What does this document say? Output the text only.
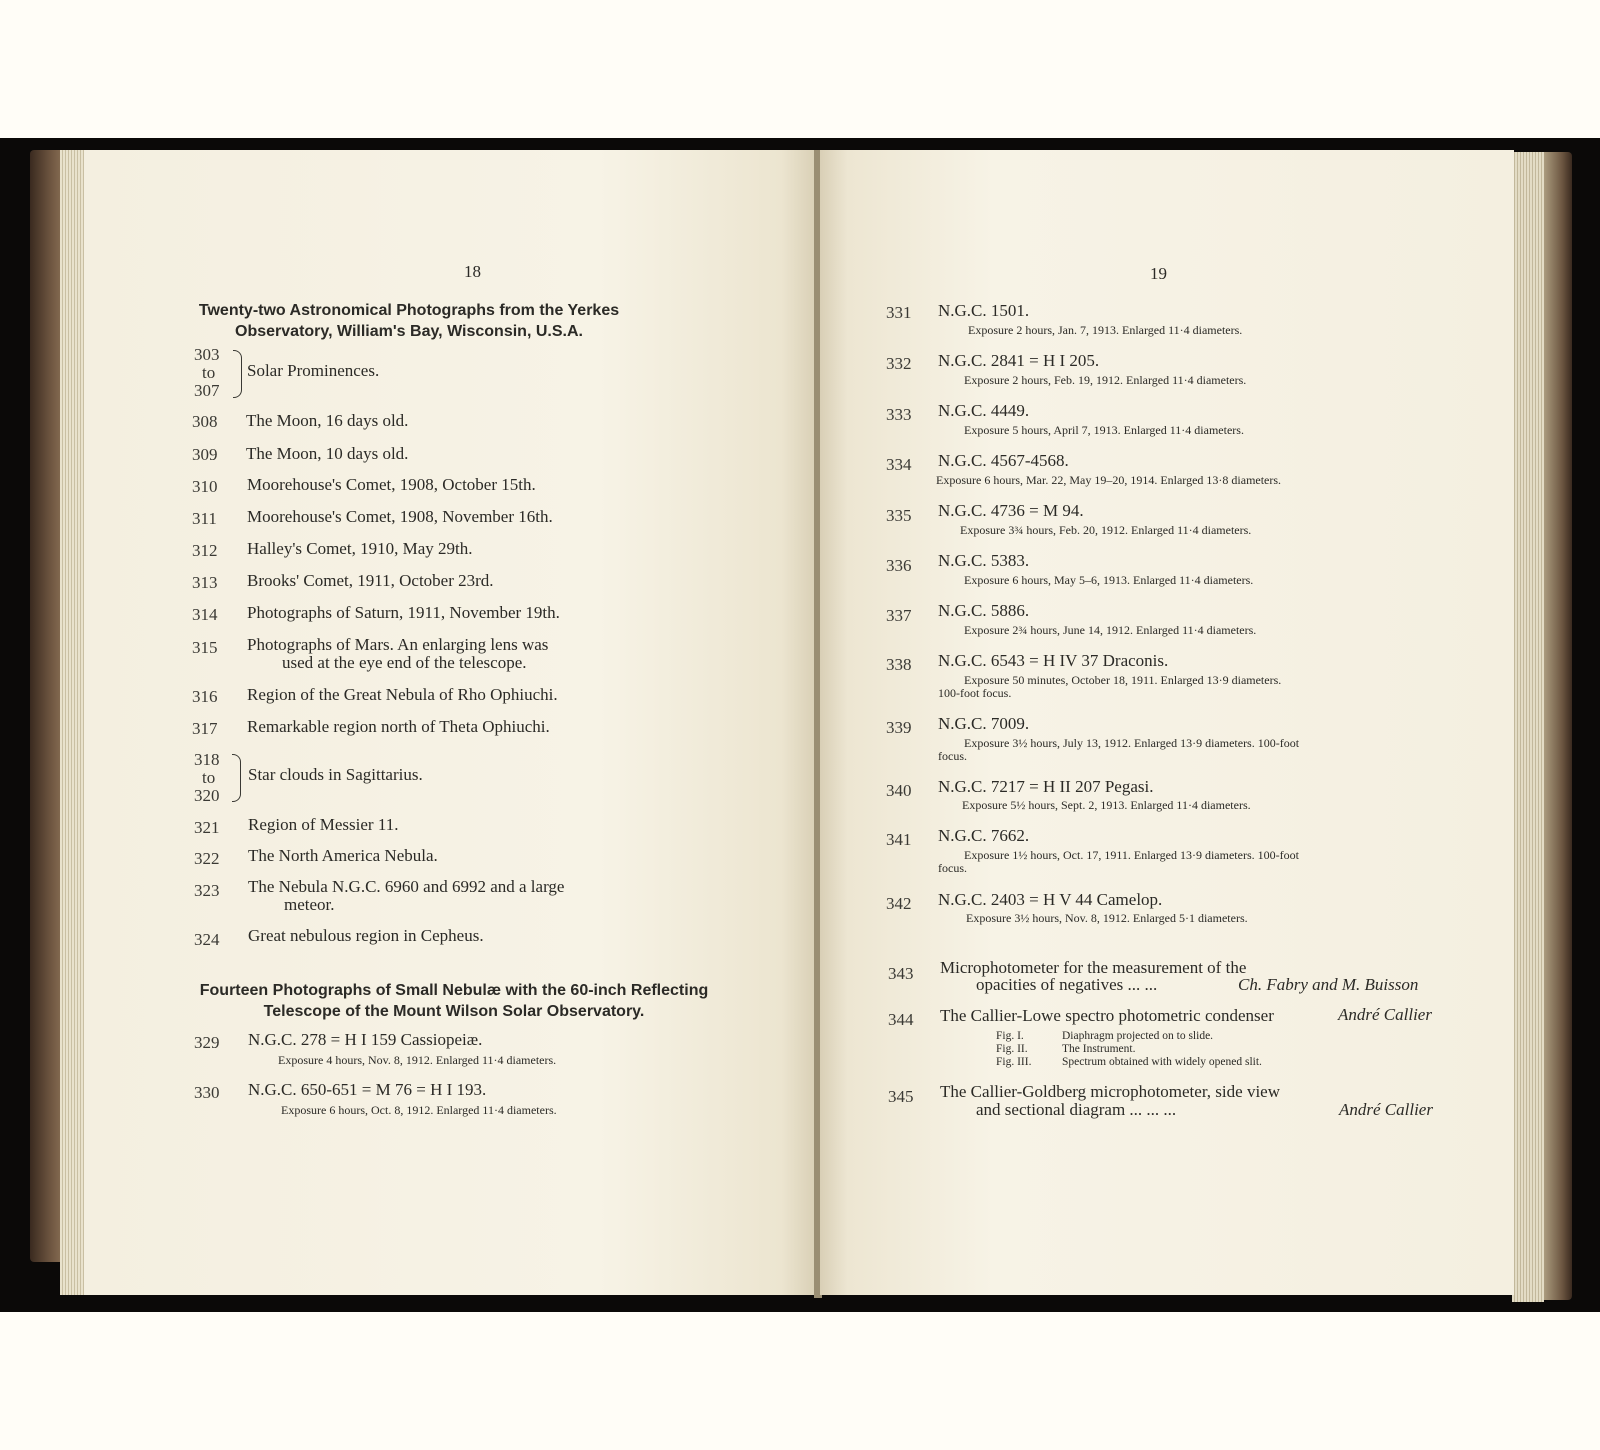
18
Twenty-two Astronomical Photographs from the Yerkes
Observatory, William's Bay, Wisconsin, U.S.A.
303
to
307
Solar Prominences.
308 The Moon, 16 days old.
309 The Moon, 10 days old.
310 Moorehouse's Comet, 1908, October 15th.
311 Moorehouse's Comet, 1908, November 16th.
312 Halley's Comet, 1910, May 29th.
313 Brooks' Comet, 1911, October 23rd.
314 Photographs of Saturn, 1911, November 19th.
315 Photographs of Mars. An enlarging lens was
used at the eye end of the telescope.
316 Region of the Great Nebula of Rho Ophiuchi.
317 Remarkable region north of Theta Ophiuchi.
318
to
320
Star clouds in Sagittarius.
321 Region of Messier 11.
322 The North America Nebula.
323 The Nebula N.G.C. 6960 and 6992 and a large
meteor.
324 Great nebulous region in Cepheus.
Fourteen Photographs of Small Nebulæ with the 60-inch Reflecting
Telescope of the Mount Wilson Solar Observatory.
329 N.G.C. 278 = H I 159 Cassiopeiæ.
Exposure 4 hours, Nov. 8, 1912. Enlarged 11·4 diameters.
330 N.G.C. 650-651 = M 76 = H I 193.
Exposure 6 hours, Oct. 8, 1912. Enlarged 11·4 diameters.
19
331 N.G.C. 1501.
Exposure 2 hours, Jan. 7, 1913. Enlarged 11·4 diameters.
332 N.G.C. 2841 = H I 205.
Exposure 2 hours, Feb. 19, 1912. Enlarged 11·4 diameters.
333 N.G.C. 4449.
Exposure 5 hours, April 7, 1913. Enlarged 11·4 diameters.
334 N.G.C. 4567-4568.
Exposure 6 hours, Mar. 22, May 19–20, 1914. Enlarged 13·8 diameters.
335 N.G.C. 4736 = M 94.
Exposure 3¾ hours, Feb. 20, 1912. Enlarged 11·4 diameters.
336 N.G.C. 5383.
Exposure 6 hours, May 5–6, 1913. Enlarged 11·4 diameters.
337 N.G.C. 5886.
Exposure 2¾ hours, June 14, 1912. Enlarged 11·4 diameters.
338 N.G.C. 6543 = H IV 37 Draconis.
Exposure 50 minutes, October 18, 1911. Enlarged 13·9 diameters.
100-foot focus.
339 N.G.C. 7009.
Exposure 3½ hours, July 13, 1912. Enlarged 13·9 diameters. 100-foot
focus.
340 N.G.C. 7217 = H II 207 Pegasi.
Exposure 5½ hours, Sept. 2, 1913. Enlarged 11·4 diameters.
341 N.G.C. 7662.
Exposure 1½ hours, Oct. 17, 1911. Enlarged 13·9 diameters. 100-foot
focus.
342 N.G.C. 2403 = H V 44 Camelop.
Exposure 3½ hours, Nov. 8, 1912. Enlarged 5·1 diameters.
343 Microphotometer for the measurement of the
opacities of negatives ... ...	Ch. Fabry and M. Buisson
344 The Callier-Lowe spectro photometric condenser	André Callier
Fig. I.	Diaphragm projected on to slide.
Fig. II.	The Instrument.
Fig. III.	Spectrum obtained with widely opened slit.
345 The Callier-Goldberg microphotometer, side view
and sectional diagram ... ... ...	André Callier
